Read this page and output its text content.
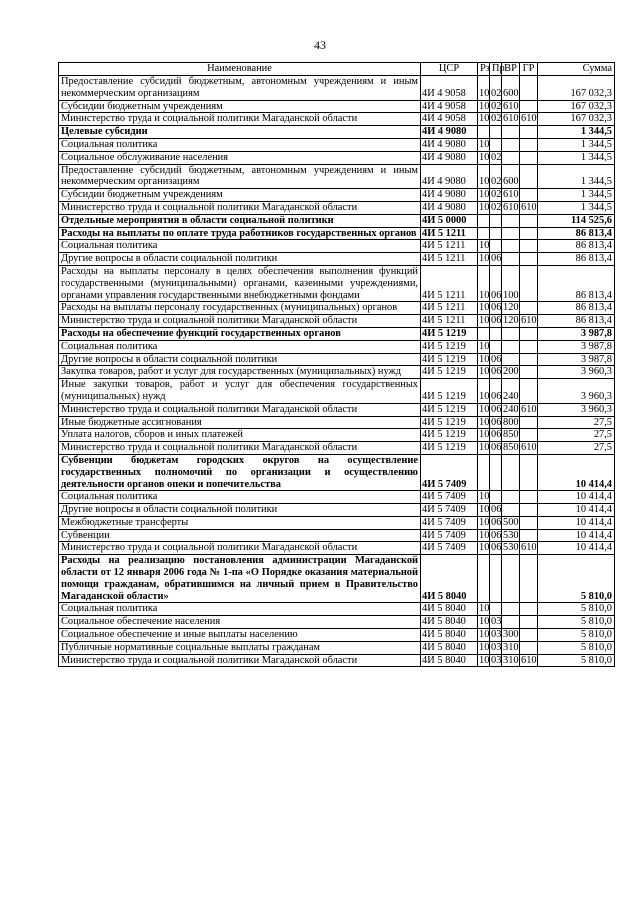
43
Наименование	ЦСР	Рз	Пр	ВР	ГР	Сумма
Предоставление субсидий бюджетным, автономным учреждениям и иным некоммерческим организациям	4И 4 9058	10	02	600		167 032,3
Субсидии бюджетным учреждениям	4И 4 9058	10	02	610		167 032,3
Министерство труда и социальной политики Магаданской области	4И 4 9058	10	02	610	610	167 032,3
Целевые субсидии	4И 4 9080					1 344,5
Социальная политика	4И 4 9080	10				1 344,5
Социальное обслуживание населения	4И 4 9080	10	02			1 344,5
Предоставление субсидий бюджетным, автономным учреждениям и иным некоммерческим организациям	4И 4 9080	10	02	600		1 344,5
Субсидии бюджетным учреждениям	4И 4 9080	10	02	610		1 344,5
Министерство труда и социальной политики Магаданской области	4И 4 9080	10	02	610	610	1 344,5
Отдельные мероприятия в области социальной политики	4И 5 0000					114 525,6
Расходы на выплаты по оплате труда работников государственных органов	4И 5 1211					86 813,4
Социальная политика	4И 5 1211	10				86 813,4
Другие вопросы в области социальной политики	4И 5 1211	10	06			86 813,4
Расходы на выплаты персоналу в целях обеспечения выполнения функций государственными (муниципальными) органами, казенными учреждениями, органами управления государственными внебюджетными фондами	4И 5 1211	10	06	100		86 813,4
Расходы на выплаты персоналу государственных (муниципальных) органов	4И 5 1211	10	06	120		86 813,4
Министерство труда и социальной политики Магаданской области	4И 5 1211	10	06	120	610	86 813,4
Расходы на обеспечение функций государственных органов	4И 5 1219					3 987,8
Социальная политика	4И 5 1219	10				3 987,8
Другие вопросы в области социальной политики	4И 5 1219	10	06			3 987,8
Закупка товаров, работ и услуг для государственных (муниципальных) нужд	4И 5 1219	10	06	200		3 960,3
Иные закупки товаров, работ и услуг для обеспечения государственных (муниципальных) нужд	4И 5 1219	10	06	240		3 960,3
Министерство труда и социальной политики Магаданской области	4И 5 1219	10	06	240	610	3 960,3
Иные бюджетные ассигнования	4И 5 1219	10	06	800		27,5
Уплата налогов, сборов и иных платежей	4И 5 1219	10	06	850		27,5
Министерство труда и социальной политики Магаданской области	4И 5 1219	10	06	850	610	27,5
Субвенции бюджетам городских округов на осуществление государственных полномочий по организации и осуществлению деятельности органов опеки и попечительства	4И 5 7409					10 414,4
Социальная политика	4И 5 7409	10				10 414,4
Другие вопросы в области социальной политики	4И 5 7409	10	06			10 414,4
Межбюджетные трансферты	4И 5 7409	10	06	500		10 414,4
Субвенции	4И 5 7409	10	06	530		10 414,4
Министерство труда и социальной политики Магаданской области	4И 5 7409	10	06	530	610	10 414,4
Расходы на реализацию постановления администрации Магаданской области от 12 января 2006 года № 1-па «О Порядке оказания материальной помощи гражданам, обратившимся на личный прием в Правительство Магаданской области»	4И 5 8040					5 810,0
Социальная политика	4И 5 8040	10				5 810,0
Социальное обеспечение населения	4И 5 8040	10	03			5 810,0
Социальное обеспечение и иные выплаты населению	4И 5 8040	10	03	300		5 810,0
Публичные нормативные социальные выплаты гражданам	4И 5 8040	10	03	310		5 810,0
Министерство труда и социальной политики Магаданской области	4И 5 8040	10	03	310	610	5 810,0
